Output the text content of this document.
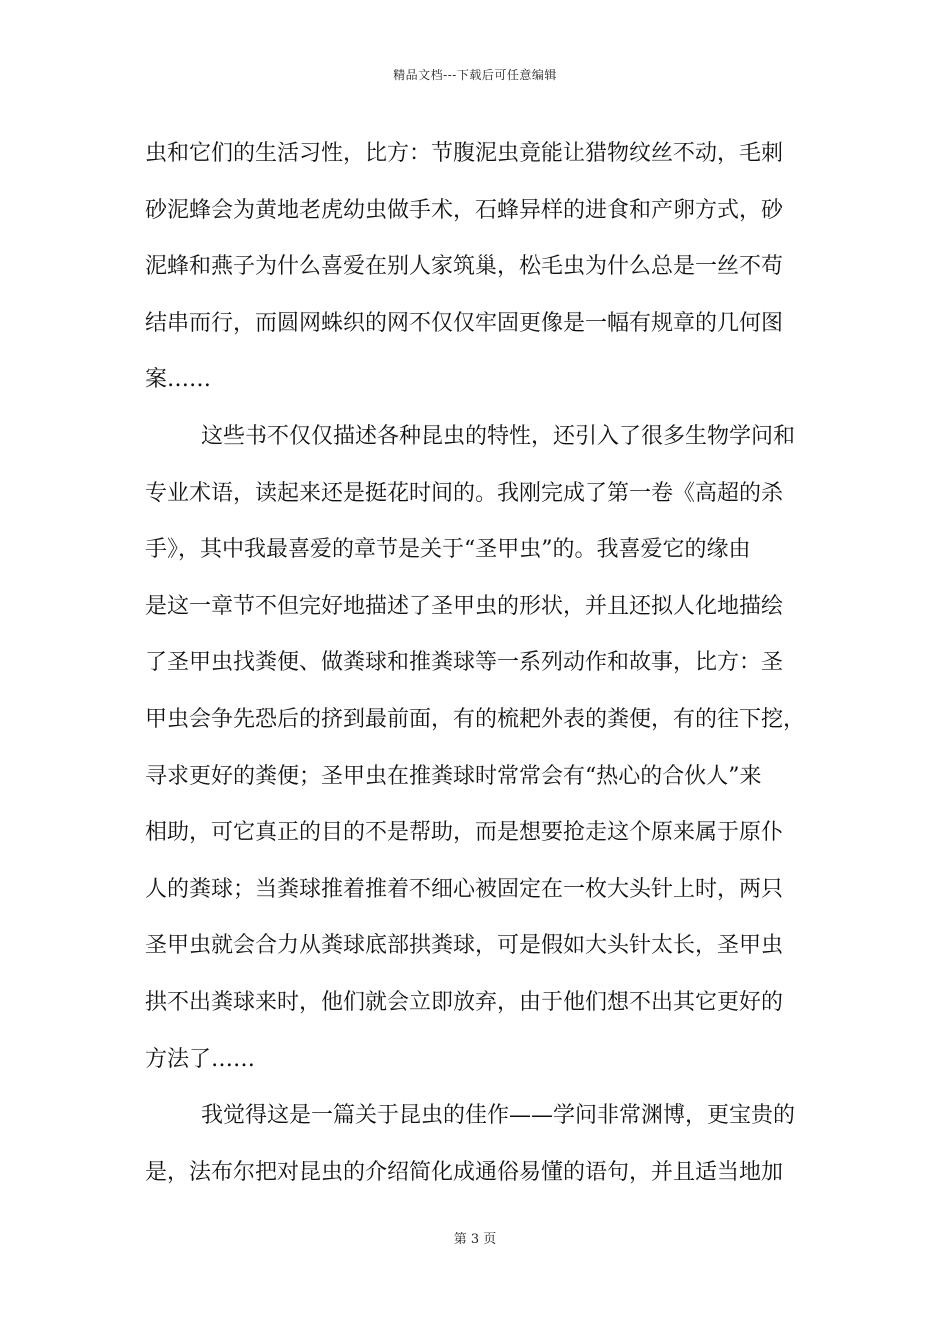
精品文档---下载后可任意编辑
虫和它们的生活习性，比方：节腹泥虫竟能让猎物纹丝不动，毛刺
砂泥蜂会为黄地老虎幼虫做手术，石蜂异样的进食和产卵方式，砂
泥蜂和燕子为什么喜爱在别人家筑巢，松毛虫为什么总是一丝不苟
结串而行，而圆网蛛织的网不仅仅牢固更像是一幅有规章的几何图
案……
这些书不仅仅描述各种昆虫的特性，还引入了很多生物学问和
专业术语，读起来还是挺花时间的。我刚完成了第一卷《高超的杀
手》，其中我最喜爱的章节是关于“圣甲虫”的。我喜爱它的缘由
是这一章节不但完好地描述了圣甲虫的形状，并且还拟人化地描绘
了圣甲虫找粪便、做粪球和推粪球等一系列动作和故事，比方：圣
甲虫会争先恐后的挤到最前面，有的梳耙外表的粪便，有的往下挖，
寻求更好的粪便；圣甲虫在推粪球时常常会有“热心的合伙人”来
相助，可它真正的目的不是帮助，而是想要抢走这个原来属于原仆
人的粪球；当粪球推着推着不细心被固定在一枚大头针上时，两只
圣甲虫就会合力从粪球底部拱粪球，可是假如大头针太长，圣甲虫
拱不出粪球来时，他们就会立即放弃，由于他们想不出其它更好的
方法了……
我觉得这是一篇关于昆虫的佳作——学问非常渊博，更宝贵的
是，法布尔把对昆虫的介绍简化成通俗易懂的语句，并且适当地加
第 3 页
